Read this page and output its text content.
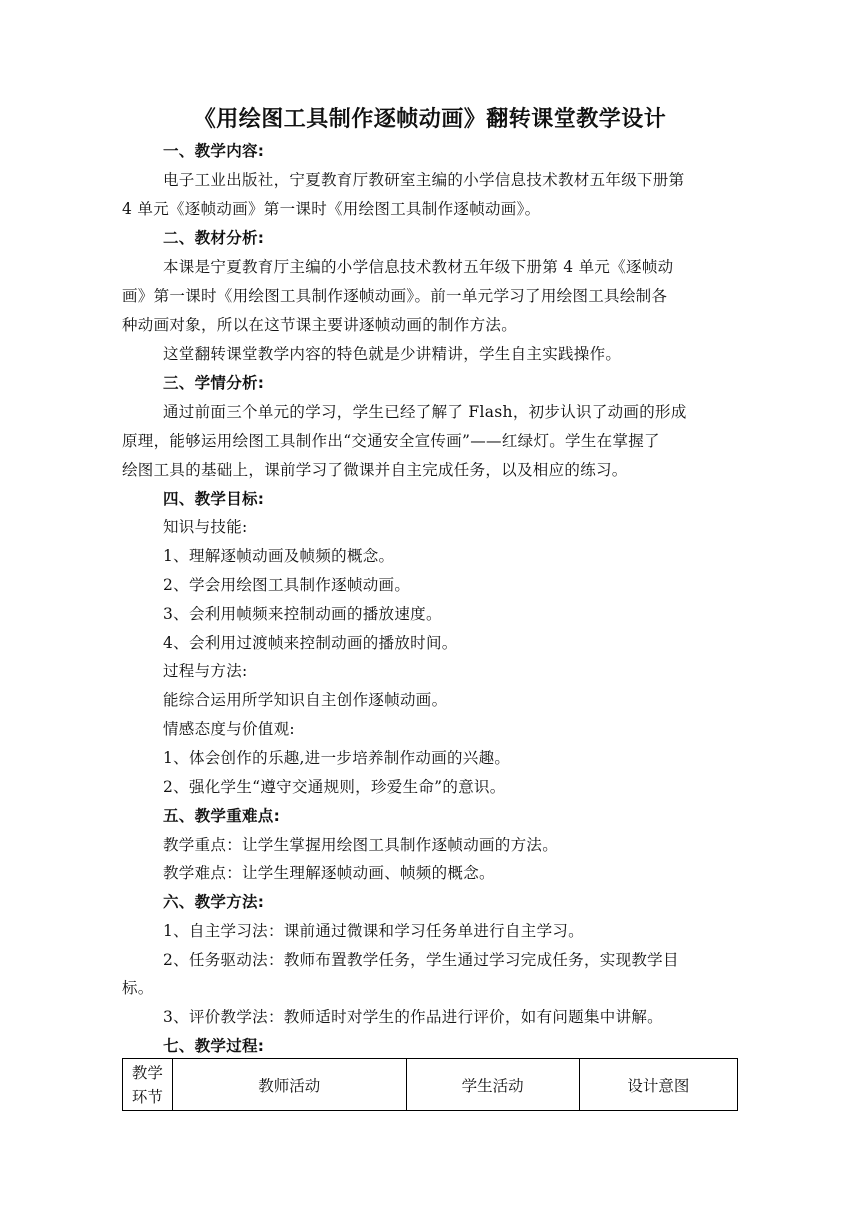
《用绘图工具制作逐帧动画》翻转课堂教学设计
一、教学内容:
电子工业出版社，宁夏教育厅教研室主编的小学信息技术教材五年级下册第
4 单元《逐帧动画》第一课时《用绘图工具制作逐帧动画》。
二、教材分析:
本课是宁夏教育厅主编的小学信息技术教材五年级下册第 4 单元《逐帧动
画》第一课时《用绘图工具制作逐帧动画》。前一单元学习了用绘图工具绘制各
种动画对象，所以在这节课主要讲逐帧动画的制作方法。
这堂翻转课堂教学内容的特色就是少讲精讲，学生自主实践操作。
三、学情分析:
通过前面三个单元的学习，学生已经了解了 Flash，初步认识了动画的形成
原理，能够运用绘图工具制作出“交通安全宣传画”——红绿灯。学生在掌握了
绘图工具的基础上，课前学习了微课并自主完成任务，以及相应的练习。
四、教学目标:
知识与技能:
1、理解逐帧动画及帧频的概念。
2、学会用绘图工具制作逐帧动画。
3、会利用帧频来控制动画的播放速度。
4、会利用过渡帧来控制动画的播放时间。
过程与方法:
能综合运用所学知识自主创作逐帧动画。
情感态度与价值观:
1、体会创作的乐趣,进一步培养制作动画的兴趣。
2、强化学生“遵守交通规则，珍爱生命”的意识。
五、教学重难点:
教学重点：让学生掌握用绘图工具制作逐帧动画的方法。
教学难点：让学生理解逐帧动画、帧频的概念。
六、教学方法:
1、自主学习法：课前通过微课和学习任务单进行自主学习。
2、任务驱动法：教师布置教学任务，学生通过学习完成任务，实现教学目
标。
3、评价教学法：教师适时对学生的作品进行评价，如有问题集中讲解。
七、教学过程:
教学
环节
	教师活动	学生活动	设计意图
